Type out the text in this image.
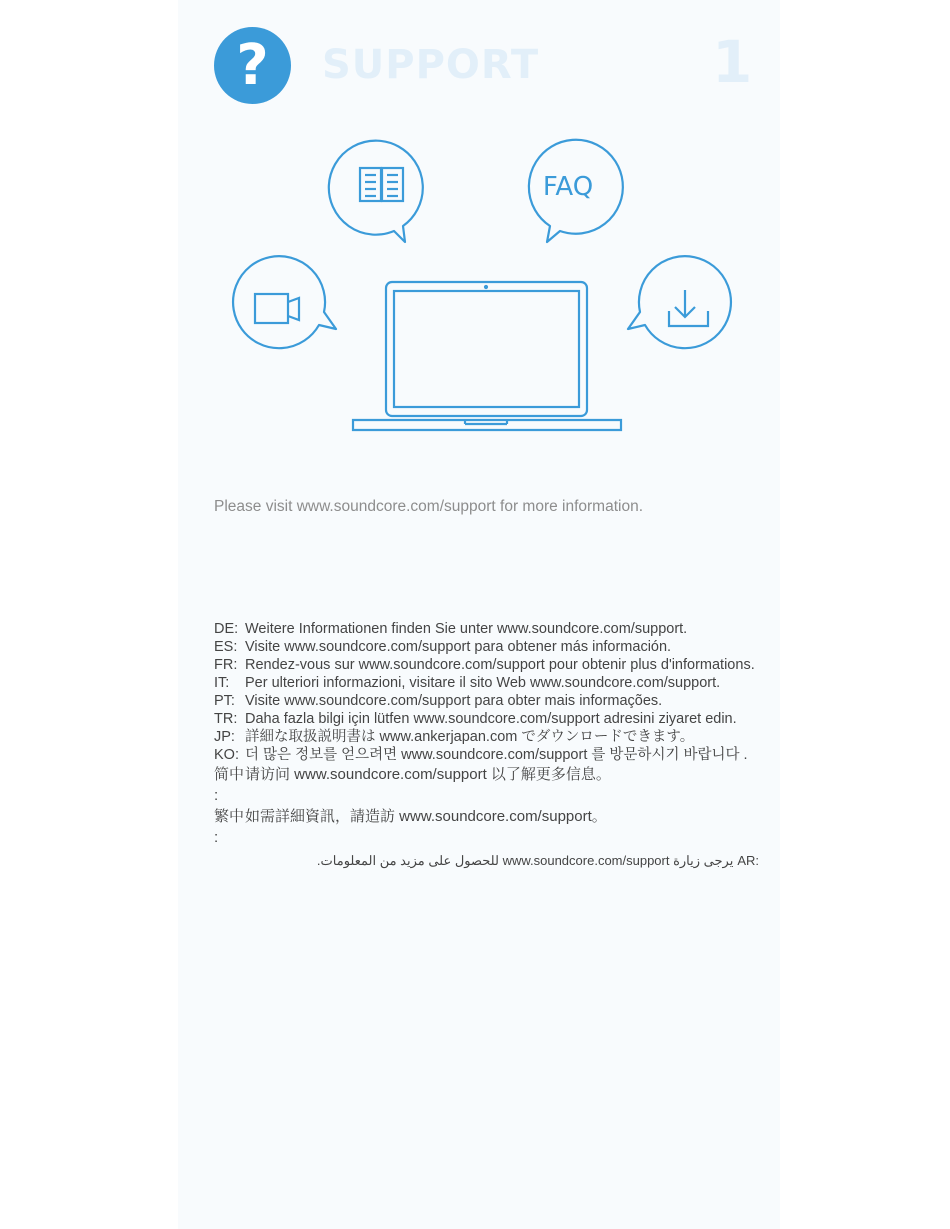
? SUPPORT	1
FAQ
Please visit www.soundcore.com/support for more information.
DE: Weitere Informationen finden Sie unter www.soundcore.com/support.
ES: Visite www.soundcore.com/support para obtener más información.
FR: Rendez-vous sur www.soundcore.com/support pour obtenir plus d'informations.
IT:	Per ulteriori informazioni, visitare il sito Web www.soundcore.com/support.
PT: Visite www.soundcore.com/support para obter mais informações.
TR: Daha fazla bilgi için lütfen www.soundcore.com/support adresini ziyaret edin.
JP: 詳細な取扱説明書は www.ankerjapan.com でダウンロードできます。
KO: 더 많은 정보를 얻으려면 www.soundcore.com/support 를 방문하시기 바랍니다 .
简中 :
请访问 www.soundcore.com/support 以了解更多信息。
繁中 :
如需詳細資訊，請造訪 www.soundcore.com/support。
يرجى زيارة www.soundcore.com/support للحصول على مزيد من المعلومات. AR:
